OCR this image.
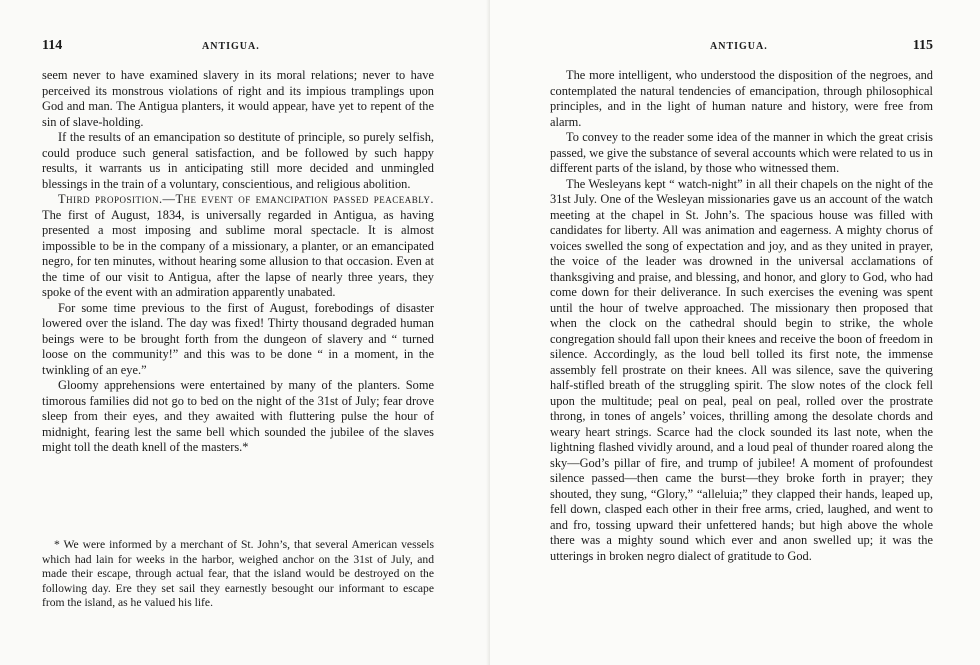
114	ANTIGUA.

seem never to have examined slavery in its moral relations; never to have perceived its monstrous violations of right and its impious tramplings upon God and man. The Antigua planters, it would appear, have yet to repent of the sin of slave-holding.

If the results of an emancipation so destitute of principle, so purely selfish, could produce such general satisfaction, and be followed by such happy results, it warrants us in anticipating still more decided and unmingled blessings in the train of a voluntary, conscientious, and religious abolition.

Third proposition.—The event of emancipation passed peaceably. The first of August, 1834, is universally regarded in Antigua, as having presented a most imposing and sublime moral spectacle. It is almost impossible to be in the company of a missionary, a planter, or an emancipated negro, for ten minutes, without hearing some allusion to that occasion. Even at the time of our visit to Antigua, after the lapse of nearly three years, they spoke of the event with an admiration apparently unabated.

For some time previous to the first of August, forebodings of disaster lowered over the island. The day was fixed! Thirty thousand degraded human beings were to be brought forth from the dungeon of slavery and “ turned loose on the community!” and this was to be done “ in a moment, in the twinkling of an eye.”

Gloomy apprehensions were entertained by many of the planters. Some timorous families did not go to bed on the night of the 31st of July; fear drove sleep from their eyes, and they awaited with fluttering pulse the hour of midnight, fearing lest the same bell which sounded the jubilee of the slaves might toll the death knell of the masters.*

* We were informed by a merchant of St. John’s, that several American vessels which had lain for weeks in the harbor, weighed anchor on the 31st of July, and made their escape, through actual fear, that the island would be destroyed on the following day. Ere they set sail they earnestly besought our informant to escape from the island, as he valued his life.

ANTIGUA.	115

The more intelligent, who understood the disposition of the negroes, and contemplated the natural tendencies of emancipation, through philosophical principles, and in the light of human nature and history, were free from alarm.

To convey to the reader some idea of the manner in which the great crisis passed, we give the substance of several accounts which were related to us in different parts of the island, by those who witnessed them.

The Wesleyans kept “ watch-night” in all their chapels on the night of the 31st July. One of the Wesleyan missionaries gave us an account of the watch meeting at the chapel in St. John’s. The spacious house was filled with candidates for liberty. All was animation and eagerness. A mighty chorus of voices swelled the song of expectation and joy, and as they united in prayer, the voice of the leader was drowned in the universal acclamations of thanksgiving and praise, and blessing, and honor, and glory to God, who had come down for their deliverance. In such exercises the evening was spent until the hour of twelve approached. The missionary then proposed that when the clock on the cathedral should begin to strike, the whole congregation should fall upon their knees and receive the boon of freedom in silence. Accordingly, as the loud bell tolled its first note, the immense assembly fell prostrate on their knees. All was silence, save the quivering half-stifled breath of the struggling spirit. The slow notes of the clock fell upon the multitude; peal on peal, peal on peal, rolled over the prostrate throng, in tones of angels’ voices, thrilling among the desolate chords and weary heart strings. Scarce had the clock sounded its last note, when the lightning flashed vividly around, and a loud peal of thunder roared along the sky—God’s pillar of fire, and trump of jubilee! A moment of profoundest silence passed—then came the burst—they broke forth in prayer; they shouted, they sung, “Glory,” “alleluia;” they clapped their hands, leaped up, fell down, clasped each other in their free arms, cried, laughed, and went to and fro, tossing upward their unfettered hands; but high above the whole there was a mighty sound which ever and anon swelled up; it was the utterings in broken negro dialect of gratitude to God.
